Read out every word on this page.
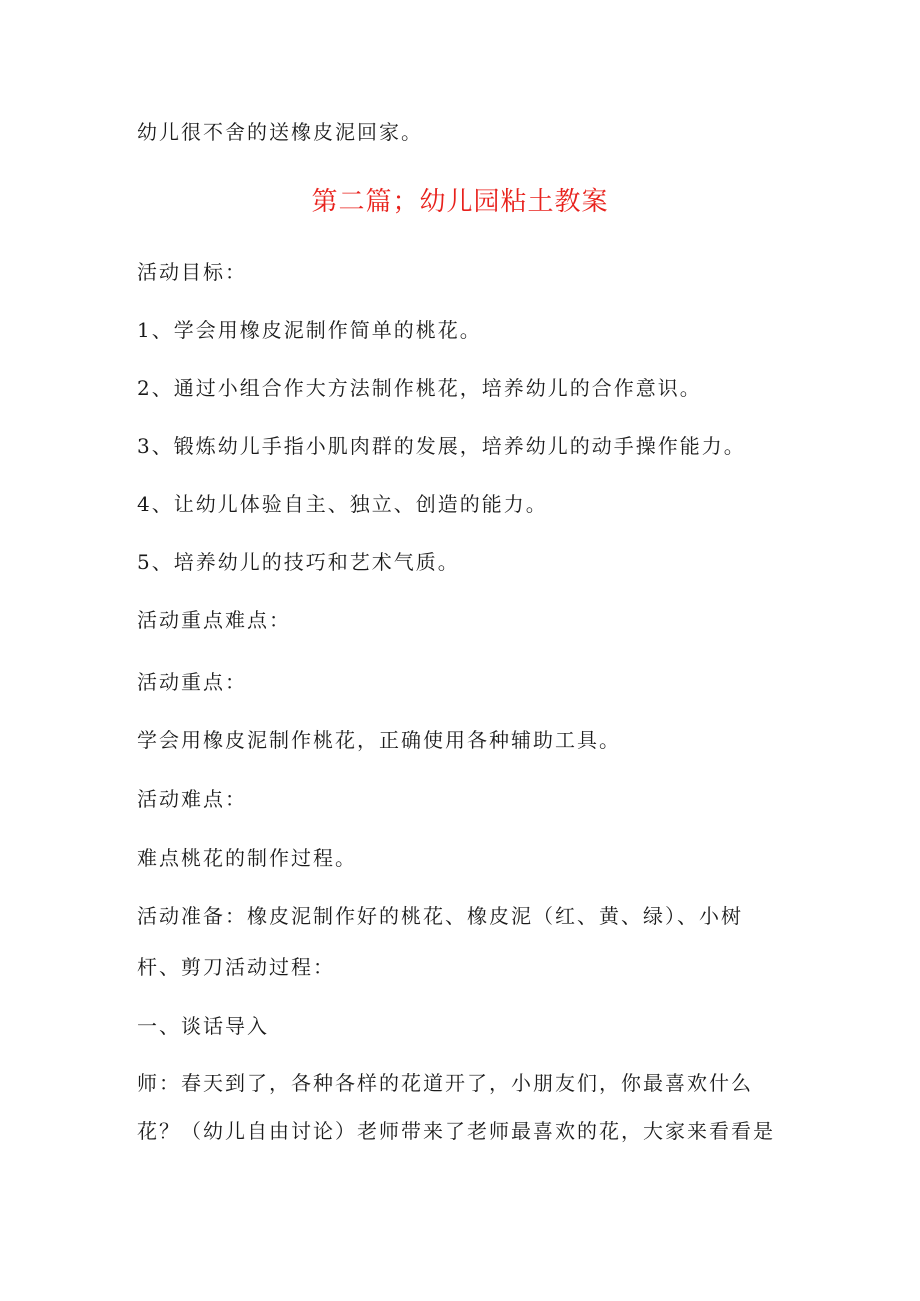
幼儿很不舍的送橡皮泥回家。
第二篇；幼儿园粘土教案
活动目标：
1、学会用橡皮泥制作简单的桃花。
2、通过小组合作大方法制作桃花，培养幼儿的合作意识。
3、锻炼幼儿手指小肌肉群的发展，培养幼儿的动手操作能力。
4、让幼儿体验自主、独立、创造的能力。
5、培养幼儿的技巧和艺术气质。
活动重点难点：
活动重点：
学会用橡皮泥制作桃花，正确使用各种辅助工具。
活动难点：
难点桃花的制作过程。
活动准备：橡皮泥制作好的桃花、橡皮泥（红、黄、绿）、小树
杆、剪刀活动过程：
一、谈话导入
师：春天到了，各种各样的花道开了，小朋友们，你最喜欢什么
花？（幼儿自由讨论）老师带来了老师最喜欢的花，大家来看看是
